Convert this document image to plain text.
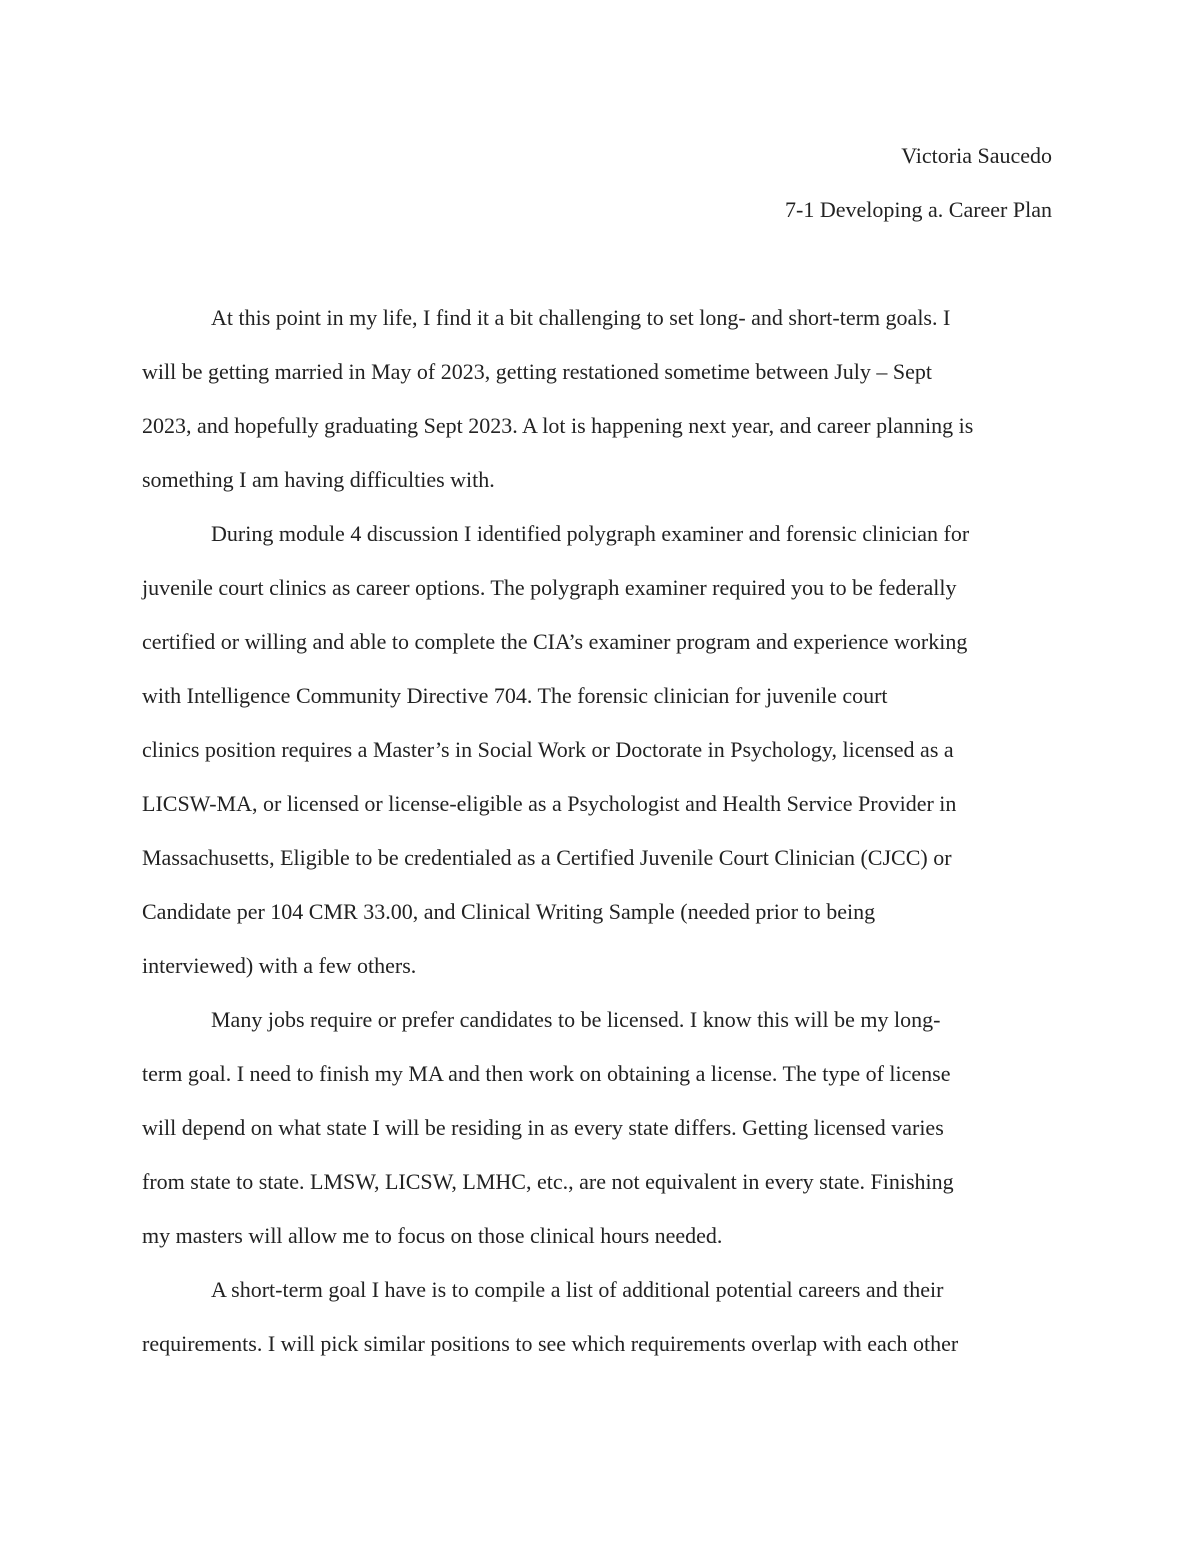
Victoria Saucedo
7-1 Developing a. Career Plan
At this point in my life, I find it a bit challenging to set long- and short-term goals. I
will be getting married in May of 2023, getting restationed sometime between July – Sept
2023, and hopefully graduating Sept 2023. A lot is happening next year, and career planning is
something I am having difficulties with.
During module 4 discussion I identified polygraph examiner and forensic clinician for
juvenile court clinics as career options. The polygraph examiner required you to be federally
certified or willing and able to complete the CIA’s examiner program and experience working
with Intelligence Community Directive 704. The forensic clinician for juvenile court
clinics position requires a Master’s in Social Work or Doctorate in Psychology, licensed as a
LICSW-MA, or licensed or license-eligible as a Psychologist and Health Service Provider in
Massachusetts, Eligible to be credentialed as a Certified Juvenile Court Clinician (CJCC) or
Candidate per 104 CMR 33.00, and Clinical Writing Sample (needed prior to being
interviewed) with a few others.
Many jobs require or prefer candidates to be licensed. I know this will be my long-
term goal. I need to finish my MA and then work on obtaining a license. The type of license
will depend on what state I will be residing in as every state differs. Getting licensed varies
from state to state. LMSW, LICSW, LMHC, etc., are not equivalent in every state. Finishing
my masters will allow me to focus on those clinical hours needed.
A short-term goal I have is to compile a list of additional potential careers and their
requirements. I will pick similar positions to see which requirements overlap with each other
